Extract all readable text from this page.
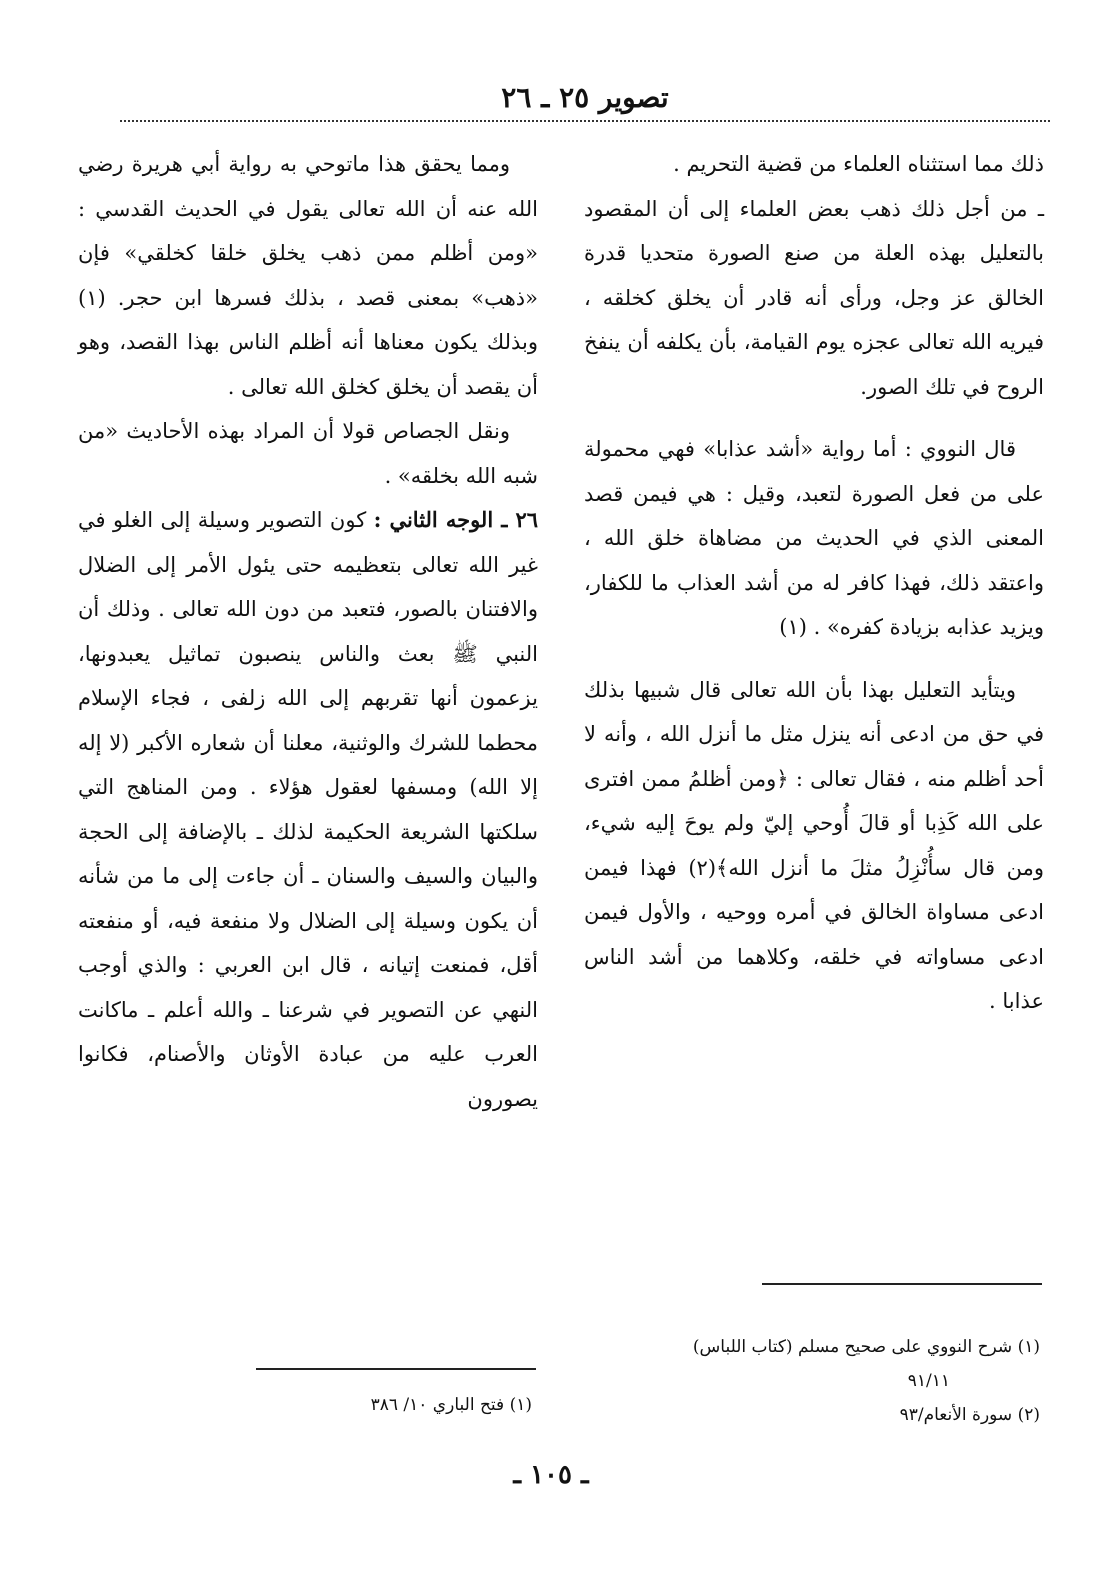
تصوير ٢٥ ـ ٢٦

ذلك مما استثناه العلماء من قضية التحريم .

ـ من أجل ذلك ذهب بعض العلماء إلى أن المقصود بالتعليل بهذه العلة من صنع الصورة متحديا قدرة الخالق عز وجل، ورأى أنه قادر أن يخلق كخلقه ، فيريه الله تعالى عجزه يوم القيامة، بأن يكلفه أن ينفخ الروح في تلك الصور.

قال النووي : أما رواية «أشد عذابا» فهي محمولة على من فعل الصورة لتعبد، وقيل : هي فيمن قصد المعنى الذي في الحديث من مضاهاة خلق الله ، واعتقد ذلك، فهذا كافر له من أشد العذاب ما للكفار، ويزيد عذابه بزيادة كفره» . (١)

ويتأيد التعليل بهذا بأن الله تعالى قال شبيها بذلك في حق من ادعى أنه ينزل مثل ما أنزل الله ، وأنه لا أحد أظلم منه ، فقال تعالى : ﴿ومن أظلمُ ممن افترى على الله كَذِبا أو قالَ أُوحي إليّ ولم يوحَ إليه شيء، ومن قال سأُنْزِلُ مثلَ ما أنزل الله﴾(٢) فهذا فيمن ادعى مساواة الخالق في أمره ووحيه ، والأول فيمن ادعى مساواته في خلقه، وكلاهما من أشد الناس عذابا .

(١) شرح النووي على صحيح مسلم (كتاب اللباس)

٩١/١١

(٢) سورة الأنعام/٩٣

ومما يحقق هذا ماتوحي به رواية أبي هريرة رضي الله عنه أن الله تعالى يقول في الحديث القدسي : «ومن أظلم ممن ذهب يخلق خلقا كخلقي» فإن «ذهب» بمعنى قصد ، بذلك فسرها ابن حجر. (١) وبذلك يكون معناها أنه أظلم الناس بهذا القصد، وهو أن يقصد أن يخلق كخلق الله تعالى .

ونقل الجصاص قولا أن المراد بهذه الأحاديث «من شبه الله بخلقه» .

٢٦ ـ الوجه الثاني : كون التصوير وسيلة إلى الغلو في غير الله تعالى بتعظيمه حتى يئول الأمر إلى الضلال والافتنان بالصور، فتعبد من دون الله تعالى . وذلك أن النبي ﷺ بعث والناس ينصبون تماثيل يعبدونها، يزعمون أنها تقربهم إلى الله زلفى ، فجاء الإسلام محطما للشرك والوثنية، معلنا أن شعاره الأكبر (لا إله إلا الله) ومسفها لعقول هؤلاء . ومن المناهج التي سلكتها الشريعة الحكيمة لذلك ـ بالإضافة إلى الحجة والبيان والسيف والسنان ـ أن جاءت إلى ما من شأنه أن يكون وسيلة إلى الضلال ولا منفعة فيه، أو منفعته أقل، فمنعت إتيانه ، قال ابن العربي : والذي أوجب النهي عن التصوير في شرعنا ـ والله أعلم ـ ماكانت العرب عليه من عبادة الأوثان والأصنام، فكانوا يصورون

(١) فتح الباري ١٠/ ٣٨٦

ـ ١٠٥ ـ
